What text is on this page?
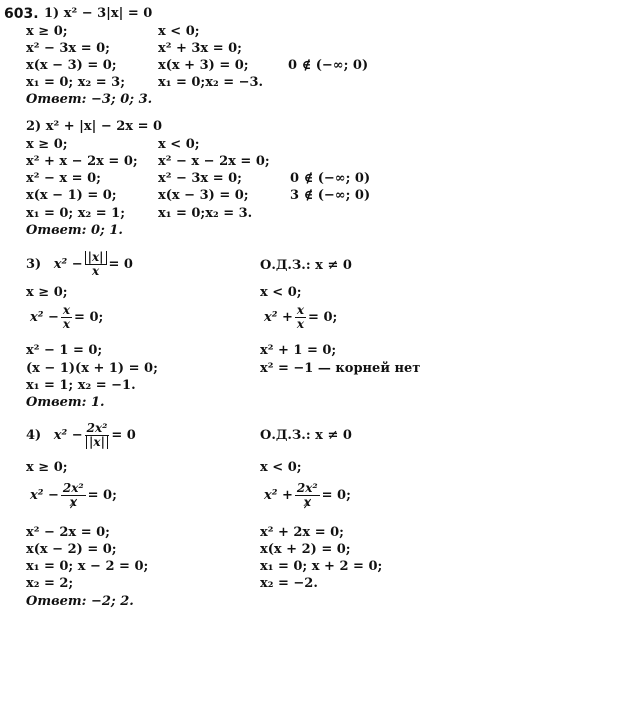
603. 1) x² − 3|x| = 0
x ≥ 0;	x < 0;
x² − 3x = 0;	x² + 3x = 0;
x(x − 3) = 0;	x(x + 3) = 0;	0 ∉ (−∞; 0)
x₁ = 0; x₂ = 3;	x₁ = 0;x₂ = −3.
Ответ: −3; 0; 3.
2) x² + |x| − 2x = 0
x ≥ 0;	x < 0;
x² + x − 2x = 0; x² − x − 2x = 0;
x² − x = 0;	x² − 3x = 0;	0 ∉ (−∞; 0)
x(x − 1) = 0;	x(x − 3) = 0;	3 ∉ (−∞; 0)
x₁ = 0; x₂ = 1;	x₁ = 0;x₂ = 3.
Ответ: 0; 1.
3) $x^2 - \frac{|x|}{x} = 0$	О.Д.З.: x ≠ 0
x ≥ 0;	x < 0;
$x^2 - \frac{x}{x} = 0$;	$x^2 + \frac{x}{x} = 0$;
x² − 1 = 0;	x² + 1 = 0;
(x − 1)(x + 1) = 0;	x² = −1 — корней нет
x₁ = 1; x₂ = −1.
Ответ: 1.
4) $x^2 - \frac{\text{2x²}}{|x|} = 0$	О.Д.З.: x ≠ 0
x ≥ 0;	x < 0;
$x^2 - \frac{\text{2x²}}{x} = 0$;	$x^2 + \frac{\text{2x²}}{x} = 0$;
x² − 2x = 0;	x² + 2x = 0;
x(x − 2) = 0;	x(x + 2) = 0;
x₁ = 0; x − 2 = 0;	x₁ = 0; x + 2 = 0;
x₂ = 2;	x₂ = −2.
Ответ: −2; 2.
